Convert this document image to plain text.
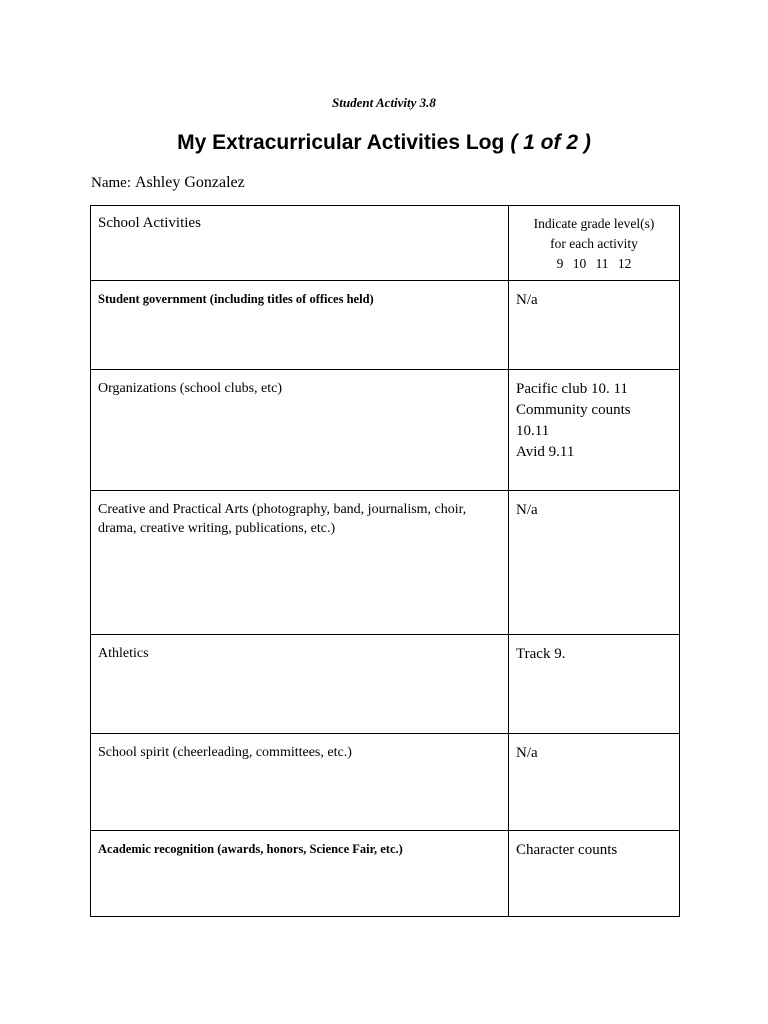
Student Activity 3.8
My Extracurricular Activities Log ( 1 of 2 )
Name: Ashley Gonzalez
School Activities	Indicate grade level(s)
for each activity
9 10 11 12

Student government (including titles of offices held)	N/a

Organizations (school clubs, etc)	Pacific club 10. 11
Community counts
10.11
Avid 9.11

Creative and Practical Arts (photography, band, journalism, choir, drama, creative writing, publications, etc.)	N/a

Athletics	Track 9.

School spirit (cheerleading, committees, etc.)	N/a

Academic recognition (awards, honors, Science Fair, etc.)	Character counts
